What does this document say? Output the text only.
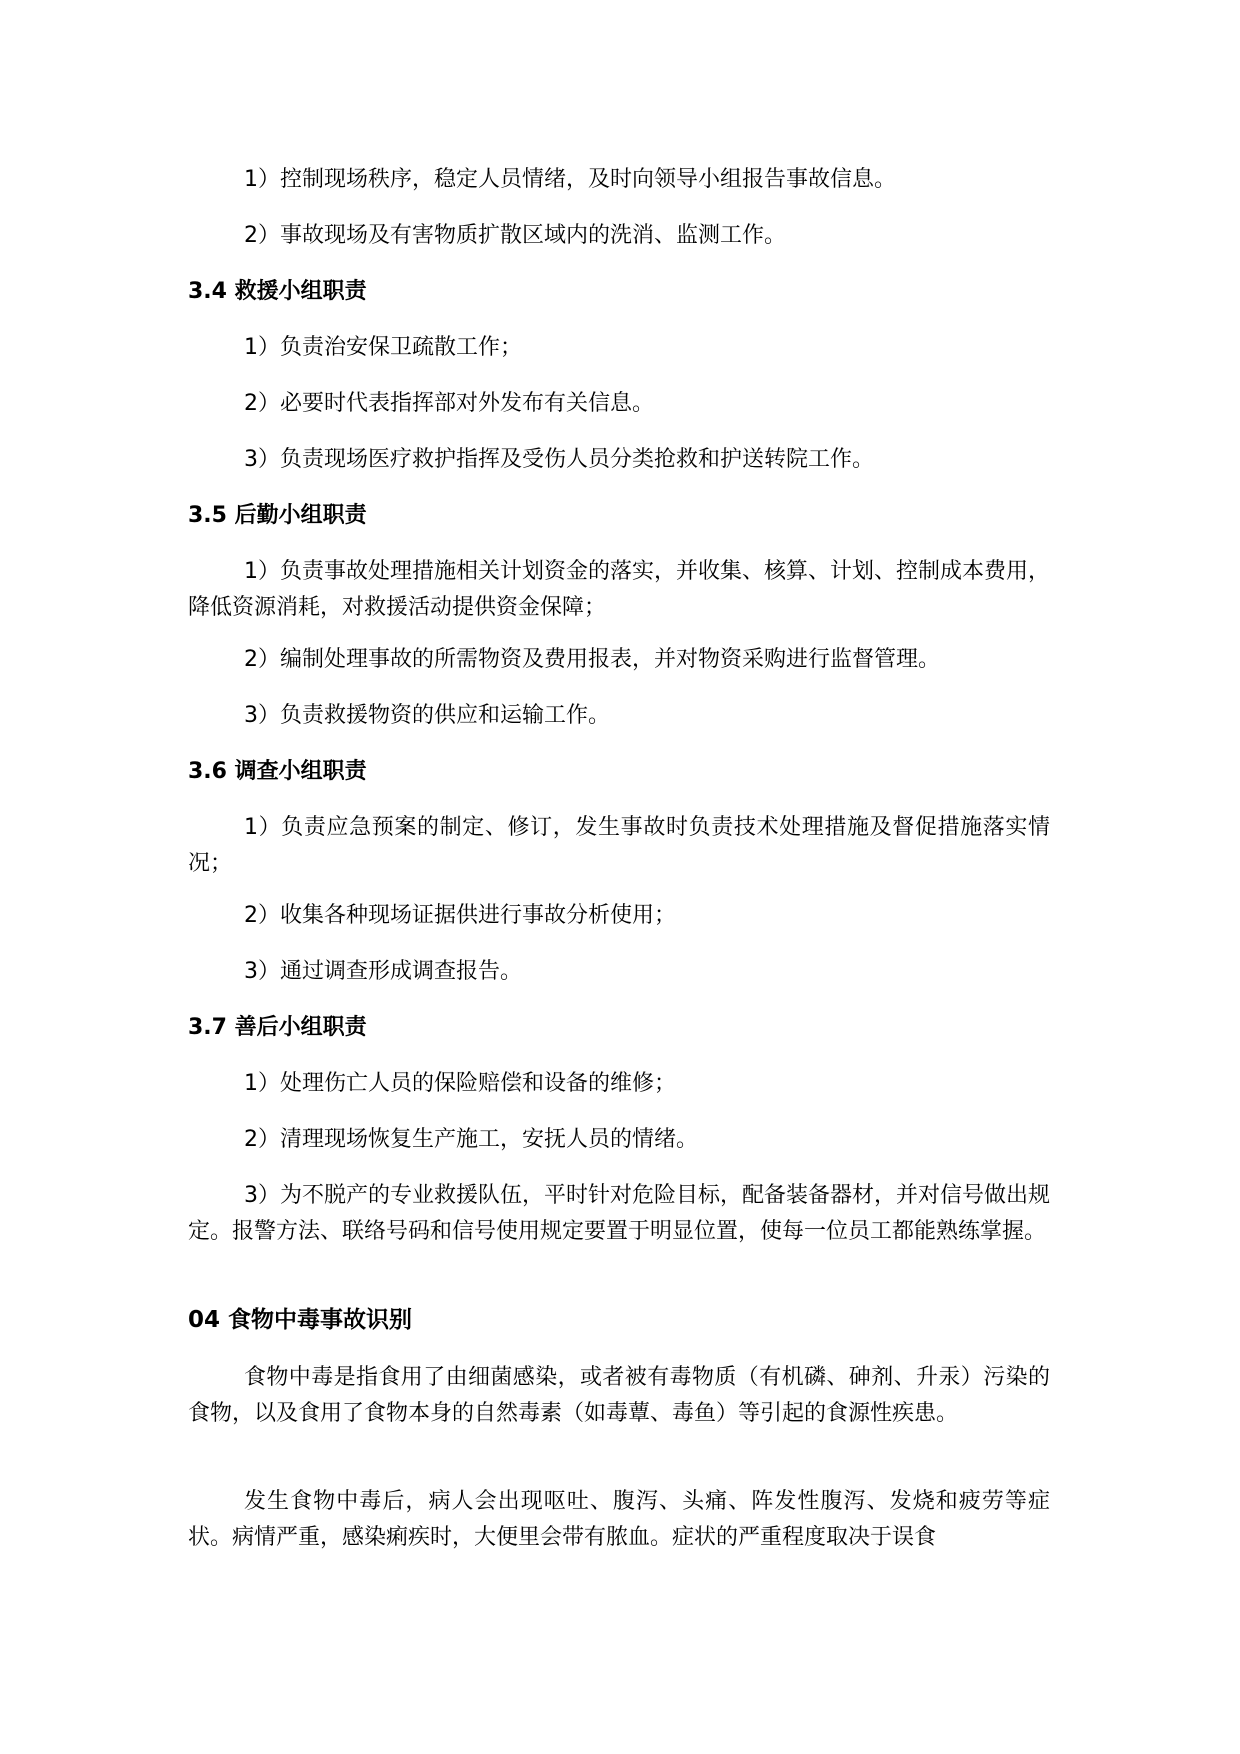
1）控制现场秩序，稳定人员情绪，及时向领导小组报告事故信息。

2）事故现场及有害物质扩散区域内的洗消、监测工作。

3.4 救援小组职责

1）负责治安保卫疏散工作；

2）必要时代表指挥部对外发布有关信息。

3）负责现场医疗救护指挥及受伤人员分类抢救和护送转院工作。

3.5 后勤小组职责

1）负责事故处理措施相关计划资金的落实，并收集、核算、计划、控制成本费用，降低资源消耗，对救援活动提供资金保障；

2）编制处理事故的所需物资及费用报表，并对物资采购进行监督管理。

3）负责救援物资的供应和运输工作。

3.6 调查小组职责

1）负责应急预案的制定、修订，发生事故时负责技术处理措施及督促措施落实情况；

2）收集各种现场证据供进行事故分析使用；

3）通过调查形成调查报告。

3.7 善后小组职责

1）处理伤亡人员的保险赔偿和设备的维修；

2）清理现场恢复生产施工，安抚人员的情绪。

3）为不脱产的专业救援队伍，平时针对危险目标，配备装备器材，并对信号做出规定。报警方法、联络号码和信号使用规定要置于明显位置，使每一位员工都能熟练掌握。

04 食物中毒事故识别

食物中毒是指食用了由细菌感染，或者被有毒物质（有机磷、砷剂、升汞）污染的食物，以及食用了食物本身的自然毒素（如毒蕈、毒鱼）等引起的食源性疾患。

发生食物中毒后，病人会出现呕吐、腹泻、头痛、阵发性腹泻、发烧和疲劳等症状。病情严重，感染痢疾时，大便里会带有脓血。症状的严重程度取决于误食
